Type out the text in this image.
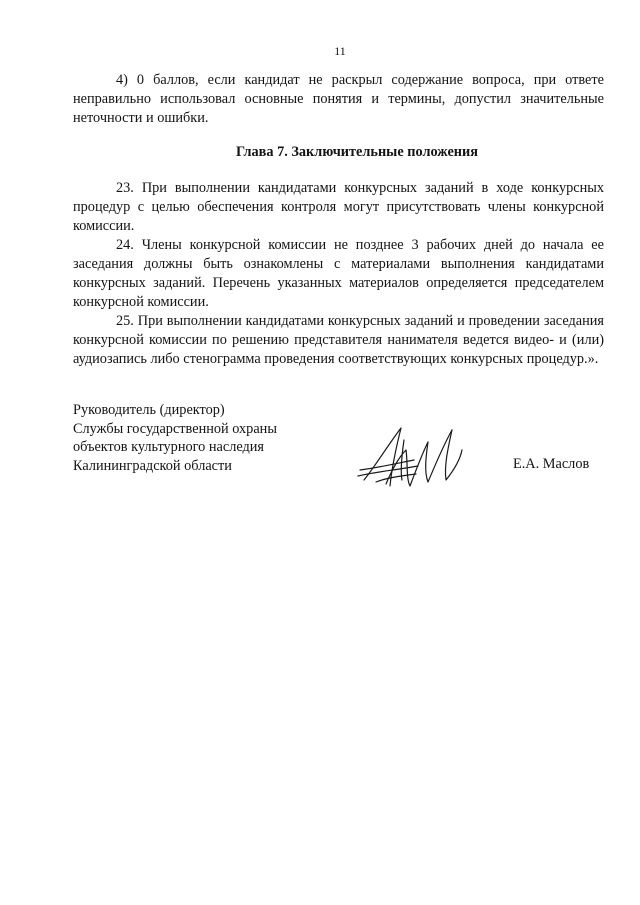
11

4) 0 баллов, если кандидат не раскрыл содержание вопроса, при ответе неправильно использовал основные понятия и термины, допустил значительные неточности и ошибки.

Глава 7. Заключительные положения

23. При выполнении кандидатами конкурсных заданий в ходе конкурсных процедур с целью обеспечения контроля могут присутствовать члены конкурсной комиссии.

24. Члены конкурсной комиссии не позднее 3 рабочих дней до начала ее заседания должны быть ознакомлены с материалами выполнения кандидатами конкурсных заданий. Перечень указанных материалов определяется председателем конкурсной комиссии.

25. При выполнении кандидатами конкурсных заданий и проведении заседания конкурсной комиссии по решению представителя нанимателя ведется видео- и (или) аудиозапись либо стенограмма проведения соответствующих конкурсных процедур.».

Руководитель (директор)
Службы государственной охраны
объектов культурного наследия
Калининградской области	Е.А. Маслов
